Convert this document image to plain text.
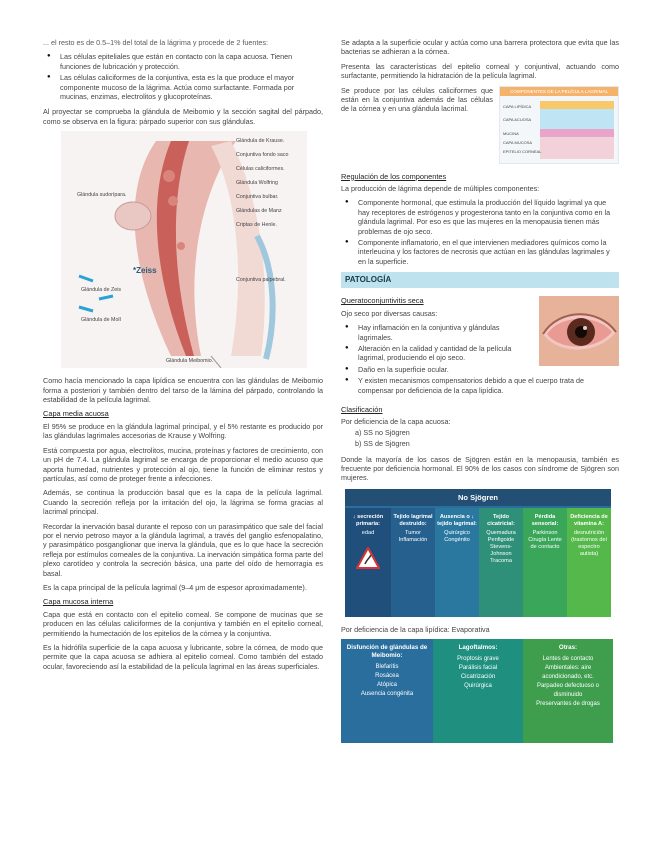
... el resto es de 0.5–1% del total de la lágrima y procede de 2 fuentes:

● Las células epiteliales que están en contacto con la capa acuosa. Tienen funciones de lubricación y protección.
● Las células caliciformes de la conjuntiva, esta es la que produce el mayor componente mucoso de la lágrima. Actúa como surfactante. Formada por mucinas, enzimas, electrolitos y glucoproteínas.

Al proyectar se comprueba la glándula de Meibomio y la sección sagital del párpado, como se observa en la figura: párpado superior con sus glándulas.

Glándula de Krause.
Conjuntiva fondo saco
Células caliciformes.
Glándula Wolfring
Conjuntiva bulbar.
Glándulas de Manz
Criptas de Henle.
Glándula sudorípara.
*Zeiss
Glándula de Zeis
Glándula de Moll
Conjuntiva palpebral.
Glándula Meibomio.

Como hacía mencionado la capa lipídica se encuentra con las glándulas de Meibomio forma a posteriori y también dentro del tarso de la lámina del párpado, controlando la estabilidad de la película lagrimal.

Capa media acuosa

El 95% se produce en la glándula lagrimal principal, y el 5% restante es producido por las glándulas lagrimales accesorias de Krause y Wolfring.

Está compuesta por agua, electrolitos, mucina, proteínas y factores de crecimiento, con un pH de 7.4. La glándula lagrimal se encarga de proporcionar el medio acuoso que aporta humedad, nutrientes y protección al ojo, tiene la función de eliminar restos y partículas, así como de proteger frente a infecciones.

Además, se continua la producción basal que es la capa de la película lagrimal. Cuando la secreción refleja por la irritación del ojo, la lágrima se forma gracias al lacrimal principal.

Recordar la inervación basal durante el reposo con un parasimpático que sale del facial por el nervio petroso mayor a la glándula lagrimal, a través del ganglio esfenopalatino, y parasimpático posganglionar que inerva la glándula, que es lo que hace la secreción refleja por estímulos corneales de la conjuntiva. La inervación simpática forma parte del plexo carotídeo y controla la secreción básica, una parte del oído de hemorragia es basal.

Es la capa principal de la película lagrimal (9–4 μm de espesor aproximadamente).

Capa mucosa interna

Capa que está en contacto con el epitelio corneal. Se compone de mucinas que se producen en las células caliciformes de la conjuntiva y también en el epitelio corneal, permitiendo la humectación de los epitelios de la córnea y la conjuntiva.

Es la hidrófila superficie de la capa acuosa y lubricante, sobre la córnea, de modo que permite que la capa acuosa se adhiera al epitelio corneal. Como también del estado ocular, favoreciendo así la estabilidad de la película lagrimal en las áreas superficiales.

Se adapta a la superficie ocular y actúa como una barrera protectora que evita que las bacterias se adhieran a la córnea.

Presenta las características del epitelio corneal y conjuntival, actuando como surfactante, permitiendo la hidratación de la película lagrimal.

COMPONENTES DE LA PELÍCULA LAGRIMAL
CAPA LIPÍDICA
CAPA ACUOSA
MUCINA
CAPA MUCOSA
EPITELIO CORNEAL

Se produce por las células caliciformes que están en la conjuntiva además de las células de la córnea y en una glándula lacrimal.

Regulación de los componentes

La producción de lágrima depende de múltiples componentes:

● Componente hormonal, que estimula la producción del líquido lagrimal ya que hay receptores de estrógenos y progesterona tanto en la conjuntiva como en la glándula lagrimal. Por eso es que las mujeres en la menopausia tienen más problemas de ojo seco.
● Componente inflamatorio, en el que intervienen mediadores químicos como la interleucina y los factores de necrosis que actúan en las glándulas lagrimales y en la superficie.
PATOLOGÍA
Queratoconjuntivitis seca

Ojo seco por diversas causas:

● Hay inflamación en la conjuntiva y glándulas lagrimales.
● Alteración en la calidad y cantidad de la película lagrimal, produciendo el ojo seco.
● Daño en la superficie ocular.
● Y existen mecanismos compensatorios debido a que el cuerpo trata de compensar por deficiencia de la capa lipídica.
Clasificación

Por deficiencia de la capa acuosa:

a) SS no Sjögren
b) SS de Sjögren

Donde la mayoría de los casos de Sjögren están en la menopausia, también es frecuente por deficiencia hormonal. El 90% de los casos con síndrome de Sjögren son mujeres.

No Sjögren
↓ secreción primaria:
edad
Tejido lagrimal destruido:
Tumor Inflamación
Ausencia o ↓ tejido lagrimal:
Quirúrgico Congénito
Tejido cicatricial:
Quemadura Penfigoide Stevens-Johnson Tracoma
Pérdida sensorial:
Parkinson Cirugía Lente de contacto
Deficiencia de vitamina A:
desnutrición (trastornos del espectro autista)

Por deficiencia de la capa lipídica: Evaporativa

Disfunción de glándulas de Meibomio:
Blefaritis
Rosácea
Atópica
Ausencia congénita
Lagoftalmos:
Proptosis grave
Parálisis facial
Cicatrización
Quirúrgica
Otras:
Lentes de contacto
Ambientales: aire acondicionado, etc.
Parpadeo defectuoso o disminuido
Preservantes de drogas
